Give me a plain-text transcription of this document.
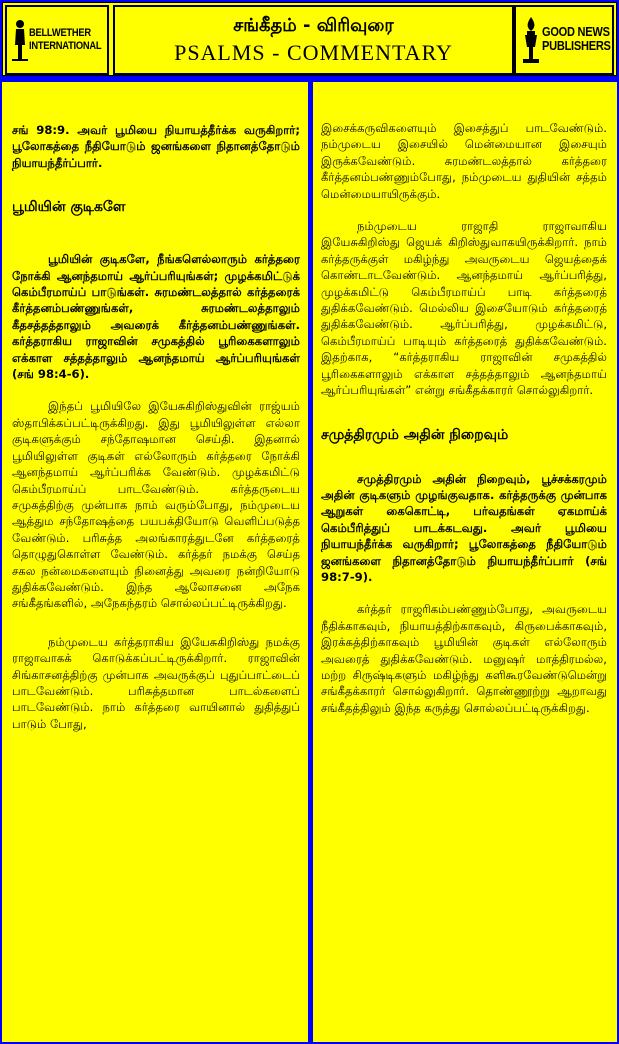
BELLWETHER INTERNATIONAL
சங்கீதம் - விரிவுரை
PSALMS - COMMENTARY
GOOD NEWS PUBLISHERS

சங் 98:9. அவர் பூமியை நியாயத்தீர்க்க வருகிறார்; பூலோகத்தை நீதியோடும் ஜனங்களை நிதானத்தோடும் நியாயந்தீர்ப்பார்.

பூமியின் குடிகளே

பூமியின் குடிகளே, நீங்களெல்லாரும் கர்த்தரை நோக்கி ஆனந்தமாய் ஆர்ப்பரியுங்கள்; முழக்கமிட்டுக் கெம்பீரமாய்ப் பாடுங்கள். சுரமண்டலத்தால் கர்த்தரைக் கீர்த்தனம்பண்ணுங்கள், சுரமண்டலத்தாலும் கீதசத்தத்தாலும் அவரைக் கீர்த்தனம்பண்ணுங்கள். கர்த்தராகிய ராஜாவின் சமுகத்தில் பூரிகைகளாலும் எக்காள சத்தத்தாலும் ஆனந்தமாய் ஆர்ப்பரியுங்கள் (சங் 98:4-6).

இந்தப் பூமியிலே இயேசுகிறிஸ்துவின் ராஜ்யம் ஸ்தாபிக்கப்பட்டிருக்கிறது. இது பூமியிலுள்ள எல்லா குடிகளுக்கும் சந்தோஷமான செய்தி. இதனால் பூமியிலுள்ள குடிகள் எல்லோரும் கர்த்தரை நோக்கி ஆனந்தமாய் ஆர்ப்பரிக்க வேண்டும். முழக்கமிட்டு கெம்பீரமாய்ப் பாடவேண்டும். கர்த்தருடைய சமுகத்திற்கு முன்பாக நாம் வரும்போது, நம்முடைய ஆத்தும சந்தோஷத்தை பயபக்தியோடு வெளிப்படுத்த வேண்டும். பரிசுத்த அலங்காரத்துடனே கர்த்தரைத் தொழுதுகொள்ள வேண்டும். கர்த்தர் நமக்கு செய்த சகல நன்மைகளையும் நினைத்து அவரை நன்றியோடு துதிக்கவேண்டும். இந்த ஆலோசனை அநேக சங்கீதங்களில், அநேகந்தரம் சொல்லப்பட்டிருக்கிறது.

நம்முடைய கர்த்தராகிய இயேசுகிறிஸ்து நமக்கு ராஜாவாகக் கொடுக்கப்பட்டிருக்கிறார். ராஜாவின் சிங்காசனத்திற்கு முன்பாக அவருக்குப் புதுப்பாட்டைப் பாடவேண்டும். பரிசுத்தமான பாடல்களைப் பாடவேண்டும். நாம் கர்த்தரை வாயினால் துதித்துப் பாடும் போது,

இசைக்கருவிகளையும் இசைத்துப் பாடவேண்டும். நம்முடைய இசையில் மென்மையான இசையும் இருக்கவேண்டும். சுரமண்டலத்தால் கர்த்தரை கீர்த்தனம்பண்ணும்போது, நம்முடைய துதியின் சத்தம் மென்மையாயிருக்கும்.

நம்முடைய ராஜாதி ராஜாவாகிய இயேசுகிறிஸ்து ஜெயக் கிறிஸ்துவாகயிருக்கிறார். நாம் கர்த்தருக்குள் மகிழ்ந்து அவருடைய ஜெயத்தைக் கொண்டாடவேண்டும். ஆனந்தமாய் ஆர்ப்பரித்து, முழக்கமிட்டு கெம்பீரமாய்ப் பாடி கர்த்தரைத் துதிக்கவேண்டும். மெல்லிய இசையோடும் கர்த்தரைத் துதிக்கவேண்டும். ஆர்ப்பரித்து, முழக்கமிட்டு, கெம்பீரமாய்ப் பாடியும் கர்த்தரைத் துதிக்கவேண்டும். இதற்காக, “கர்த்தராகிய ராஜாவின் சமுகத்தில் பூரிகைகளாலும் எக்காள சத்தத்தாலும் ஆனந்தமாய் ஆர்ப்பரியுங்கள்” என்று சங்கீதக்காரர் சொல்லுகிறார்.

சமுத்திரமும் அதின் நிறைவும்

சமுத்திரமும் அதின் நிறைவும், பூச்சக்கரமும் அதின் குடிகளும் முழங்குவதாக. கர்த்தருக்கு முன்பாக ஆறுகள் கைகொட்டி, பர்வதங்கள் ஏகமாய்க் கெம்பீரித்துப் பாடக்கடவது. அவர் பூமியை நியாயந்தீர்க்க வருகிறார்; பூலோகத்தை நீதியோடும் ஜனங்களை நிதானத்தோடும் நியாயந்தீர்ப்பார் (சங் 98:7-9).

கர்த்தர் ராஜரிகம்பண்ணும்போது, அவருடைய நீதிக்காகவும், நியாயத்திற்காகவும், கிருபைக்காகவும், இரக்கத்திற்காகவும் பூமியின் குடிகள் எல்லோரும் அவரைத் துதிக்கவேண்டும். மனுஷர் மாத்திரமல்ல, மற்ற சிருஷ்டிகளும் மகிழ்ந்து களிகூரவேண்டுமென்று சங்கீதக்காரர் சொல்லுகிறார். தொண்ணூற்று ஆறாவது சங்கீதத்திலும் இந்த கருத்து சொல்லப்பட்டிருக்கிறது.
